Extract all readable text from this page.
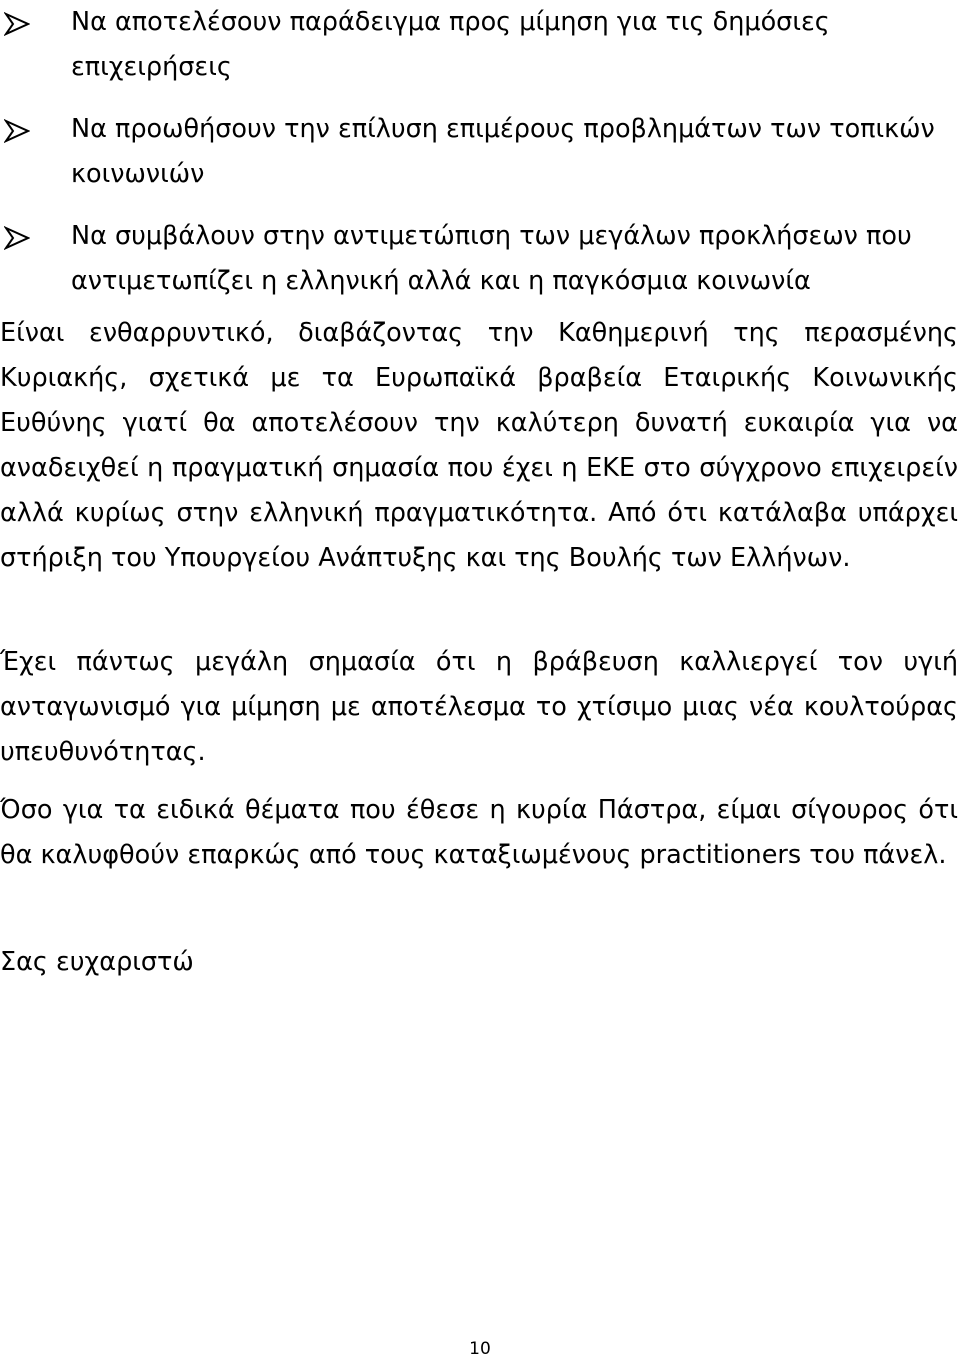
Να αποτελέσουν παράδειγμα προς μίμηση για τις δημόσιες επιχειρήσεις
Να προωθήσουν την επίλυση επιμέρους προβλημάτων των τοπικών κοινωνιών
Να συμβάλουν στην αντιμετώπιση των μεγάλων προκλήσεων που αντιμετωπίζει η ελληνική αλλά και η παγκόσμια κοινωνία

Είναι ενθαρρυντικό, διαβάζοντας την Καθημερινή της περασμένης Κυριακής, σχετικά με τα Ευρωπαϊκά βραβεία Εταιρικής Κοινωνικής Ευθύνης γιατί θα αποτελέσουν την καλύτερη δυνατή ευκαιρία για να αναδειχθεί η πραγματική σημασία που έχει η ΕΚΕ στο σύγχρονο επιχειρείν αλλά κυρίως στην ελληνική πραγματικότητα. Από ότι κατάλαβα υπάρχει στήριξη του Υπουργείου Ανάπτυξης και της Βουλής των Ελλήνων.

Έχει πάντως μεγάλη σημασία ότι η βράβευση καλλιεργεί τον υγιή ανταγωνισμό για μίμηση με αποτέλεσμα το χτίσιμο μιας νέα κουλτούρας υπευθυνότητας.

Όσο για τα ειδικά θέματα που έθεσε η κυρία Πάστρα, είμαι σίγουρος ότι θα καλυφθούν επαρκώς από τους καταξιωμένους practitioners του πάνελ.

Σας ευχαριστώ

10
